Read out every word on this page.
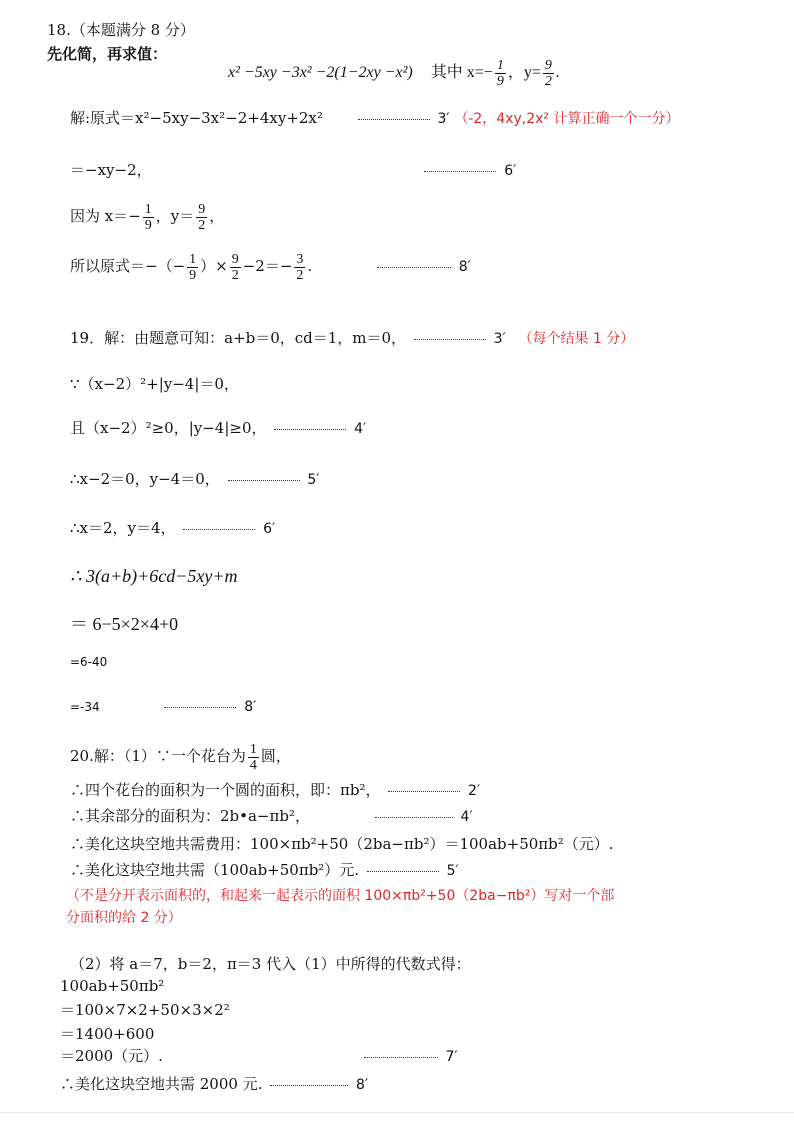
18.（本题满分 8 分）
先化简，再求值：
x² −5xy −3x² −2(1−2xy −x²) 其中 $x=- \frac{1}{9}$ ，$y= \frac{9}{2}$ .
解:原式＝x²−5xy−3x²−2+4xy+2x²	3′ （-2，4xy,2x² 计算正确一个一分）
＝−xy−2，	6′
因为 $x=- \frac{1}{9}$ ，$y= \frac{9}{2}$ ，
所以原式＝−（− $\frac{1}{9}$ ）× $\frac{9}{2} -2=- \frac{3}{2}$ .	8′
19．解：由题意可知：a+b＝0，cd＝1，m＝0，	3′ （每个结果 1 分）
∵（x−2）²+|y−4|＝0，
且（x−2）²≥0，|y−4|≥0，	4′
∴x−2＝0，y−4＝0，	5′
∴x＝2，y＝4，	6′
∴ 3(a+b)+6cd−5xy+m
＝ 6−5×2×4+0
=6-40
=-34	8′
20.解：（1）∵一个花台为 $\frac{1}{4}$ 圆，
∴四个花台的面积为一个圆的面积，即：πb²，	2′
∴其余部分的面积为：2b•a−πb²，	4′
∴美化这块空地共需费用：100×πb²+50（2ba−πb²）＝100ab+50πb²（元）.
∴美化这块空地共需（100ab+50πb²）元.	5′
（不是分开表示面积的，和起来一起表示的面积 100×πb²+50（2ba−πb²）写对一个部
分面积的给 2 分）
（2）将 a＝7，b＝2，π＝3 代入（1）中所得的代数式得：
100ab+50πb²
＝100×7×2+50×3×2²
＝1400+600
＝2000（元）.	7′
∴美化这块空地共需 2000 元.	8′
